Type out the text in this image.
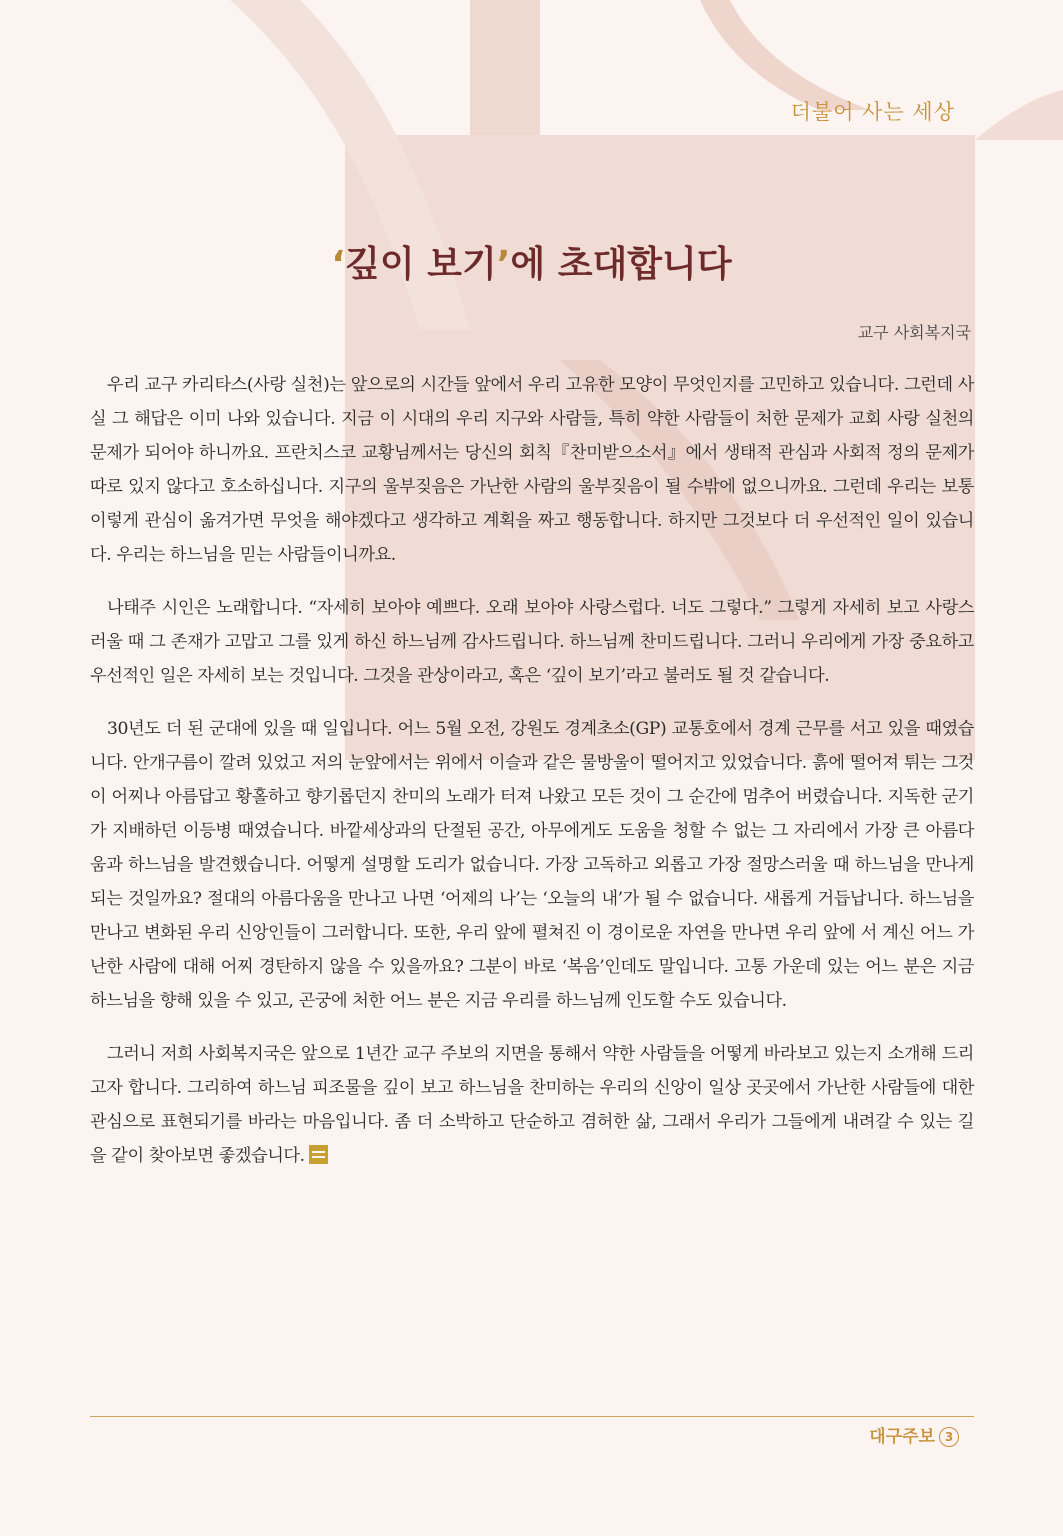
더불어 사는 세상
‘깊이 보기’에 초대합니다
교구 사회복지국

우리 교구 카리타스(사랑 실천)는 앞으로의 시간들 앞에서 우리 고유한 모양이 무엇인지를 고민하고 있습니다. 그런데 사실 그 해답은 이미 나와 있습니다. 지금 이 시대의 우리 지구와 사람들, 특히 약한 사람들이 처한 문제가 교회 사랑 실천의 문제가 되어야 하니까요. 프란치스코 교황님께서는 당신의 회칙『찬미받으소서』에서 생태적 관심과 사회적 정의 문제가 따로 있지 않다고 호소하십니다. 지구의 울부짖음은 가난한 사람의 울부짖음이 될 수밖에 없으니까요. 그런데 우리는 보통 이렇게 관심이 옮겨가면 무엇을 해야겠다고 생각하고 계획을 짜고 행동합니다. 하지만 그것보다 더 우선적인 일이 있습니다. 우리는 하느님을 믿는 사람들이니까요.

나태주 시인은 노래합니다. “자세히 보아야 예쁘다. 오래 보아야 사랑스럽다. 너도 그렇다.” 그렇게 자세히 보고 사랑스러울 때 그 존재가 고맙고 그를 있게 하신 하느님께 감사드립니다. 하느님께 찬미드립니다. 그러니 우리에게 가장 중요하고 우선적인 일은 자세히 보는 것입니다. 그것을 관상이라고, 혹은 ‘깊이 보기’라고 불러도 될 것 같습니다.

30년도 더 된 군대에 있을 때 일입니다. 어느 5월 오전, 강원도 경계초소(GP) 교통호에서 경계 근무를 서고 있을 때였습니다. 안개구름이 깔려 있었고 저의 눈앞에서는 위에서 이슬과 같은 물방울이 떨어지고 있었습니다. 흙에 떨어져 튀는 그것이 어찌나 아름답고 황홀하고 향기롭던지 찬미의 노래가 터져 나왔고 모든 것이 그 순간에 멈추어 버렸습니다. 지독한 군기가 지배하던 이등병 때였습니다. 바깥세상과의 단절된 공간, 아무에게도 도움을 청할 수 없는 그 자리에서 가장 큰 아름다움과 하느님을 발견했습니다. 어떻게 설명할 도리가 없습니다. 가장 고독하고 외롭고 가장 절망스러울 때 하느님을 만나게 되는 것일까요? 절대의 아름다움을 만나고 나면 ‘어제의 나’는 ‘오늘의 내’가 될 수 없습니다. 새롭게 거듭납니다. 하느님을 만나고 변화된 우리 신앙인들이 그러합니다. 또한, 우리 앞에 펼쳐진 이 경이로운 자연을 만나면 우리 앞에 서 계신 어느 가난한 사람에 대해 어찌 경탄하지 않을 수 있을까요? 그분이 바로 ‘복음’인데도 말입니다. 고통 가운데 있는 어느 분은 지금 하느님을 향해 있을 수 있고, 곤궁에 처한 어느 분은 지금 우리를 하느님께 인도할 수도 있습니다.

그러니 저희 사회복지국은 앞으로 1년간 교구 주보의 지면을 통해서 약한 사람들을 어떻게 바라보고 있는지 소개해 드리고자 합니다. 그리하여 하느님 피조물을 깊이 보고 하느님을 찬미하는 우리의 신앙이 일상 곳곳에서 가난한 사람들에 대한 관심으로 표현되기를 바라는 마음입니다. 좀 더 소박하고 단순하고 겸허한 삶, 그래서 우리가 그들에게 내려갈 수 있는 길을 같이 찾아보면 좋겠습니다.

대구주보 3
